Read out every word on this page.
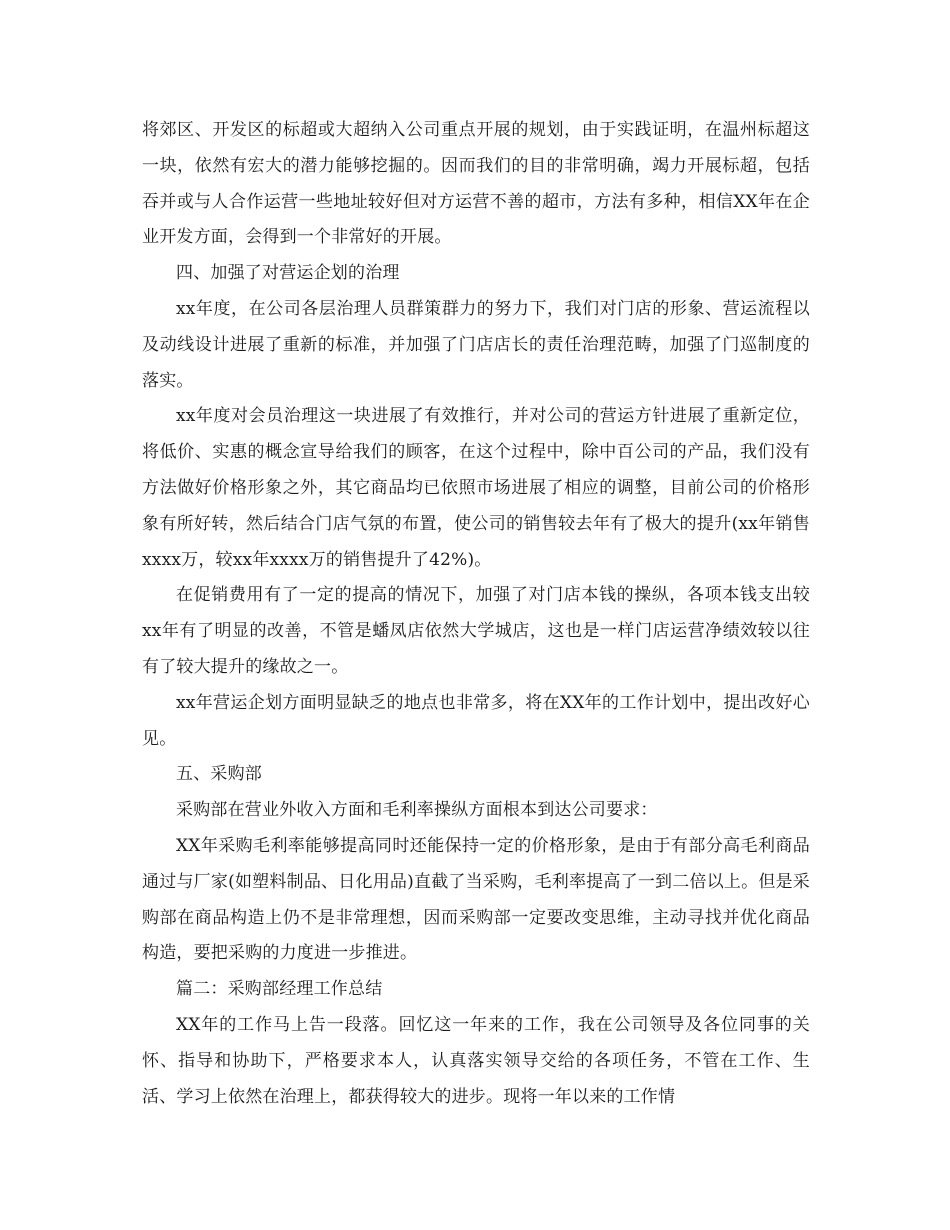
将郊区、开发区的标超或大超纳入公司重点开展的规划，由于实践证明，在温州标超这一块，依然有宏大的潜力能够挖掘的。因而我们的目的非常明确，竭力开展标超，包括吞并或与人合作运营一些地址较好但对方运营不善的超市，方法有多种，相信XX年在企业开发方面，会得到一个非常好的开展。

四、加强了对营运企划的治理

xx年度，在公司各层治理人员群策群力的努力下，我们对门店的形象、营运流程以及动线设计进展了重新的标准，并加强了门店店长的责任治理范畴，加强了门巡制度的落实。

xx年度对会员治理这一块进展了有效推行，并对公司的营运方针进展了重新定位，将低价、实惠的概念宣导给我们的顾客，在这个过程中，除中百公司的产品，我们没有方法做好价格形象之外，其它商品均已依照市场进展了相应的调整，目前公司的价格形象有所好转，然后结合门店气氛的布置，使公司的销售较去年有了极大的提升(xx年销售xxxx万，较xx年xxxx万的销售提升了42%)。

在促销费用有了一定的提高的情况下，加强了对门店本钱的操纵，各项本钱支出较xx年有了明显的改善，不管是蟠凤店依然大学城店，这也是一样门店运营净绩效较以往有了较大提升的缘故之一。

xx年营运企划方面明显缺乏的地点也非常多，将在XX年的工作计划中，提出改好心见。

五、采购部

采购部在营业外收入方面和毛利率操纵方面根本到达公司要求：

XX年采购毛利率能够提高同时还能保持一定的价格形象，是由于有部分高毛利商品通过与厂家(如塑料制品、日化用品)直截了当采购，毛利率提高了一到二倍以上。但是采购部在商品构造上仍不是非常理想，因而采购部一定要改变思维，主动寻找并优化商品构造，要把采购的力度进一步推进。

篇二：采购部经理工作总结

XX年的工作马上告一段落。回忆这一年来的工作，我在公司领导及各位同事的关怀、指导和协助下，严格要求本人，认真落实领导交给的各项任务，不管在工作、生活、学习上依然在治理上，都获得较大的进步。现将一年以来的工作情
